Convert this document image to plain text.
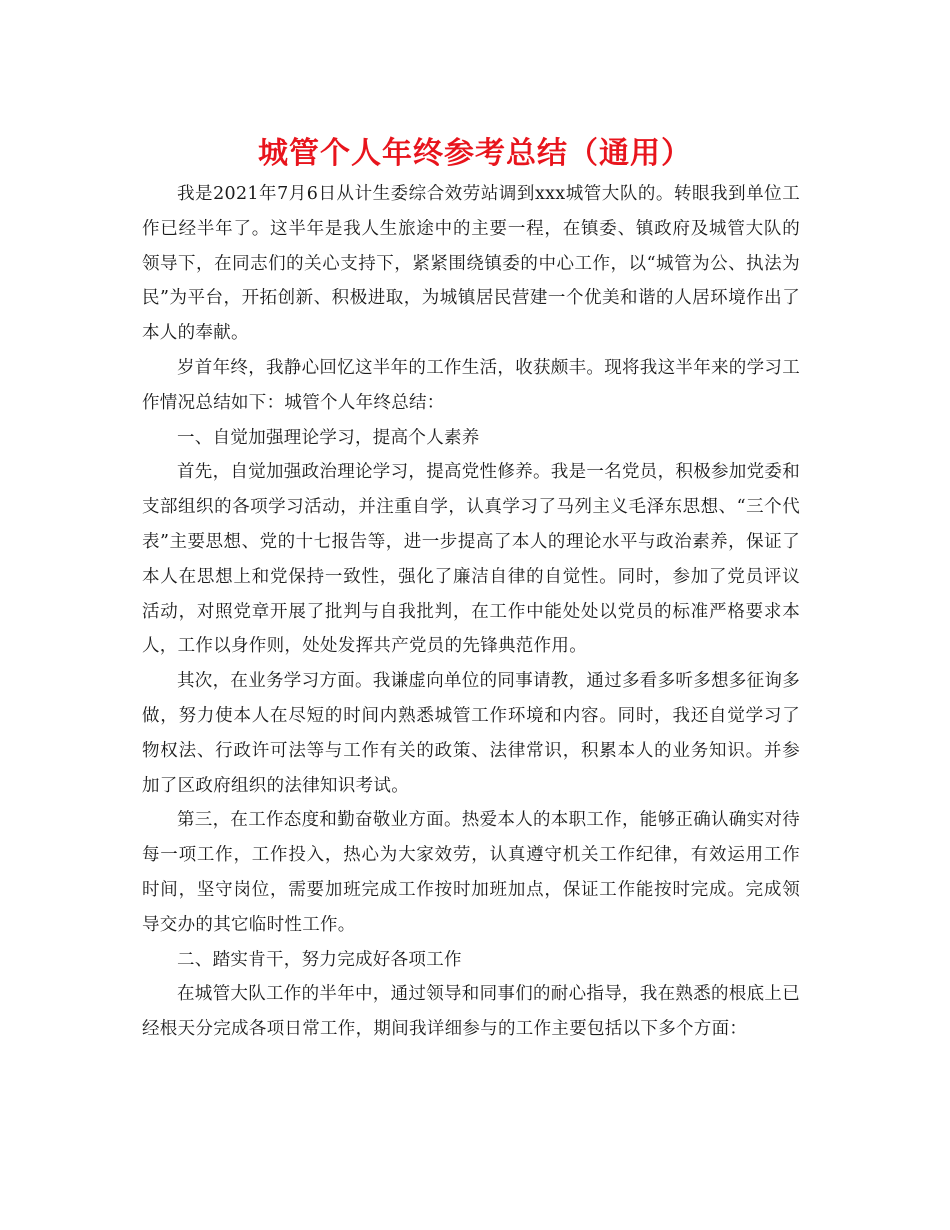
城管个人年终参考总结（通用）

我是2021年7月6日从计生委综合效劳站调到xxx城管大队的。转眼我到单位工作已经半年了。这半年是我人生旅途中的主要一程，在镇委、镇政府及城管大队的领导下，在同志们的关心支持下，紧紧围绕镇委的中心工作，以“城管为公、执法为民”为平台，开拓创新、积极进取，为城镇居民营建一个优美和谐的人居环境作出了本人的奉献。

岁首年终，我静心回忆这半年的工作生活，收获颇丰。现将我这半年来的学习工作情况总结如下：城管个人年终总结：

一、自觉加强理论学习，提高个人素养

首先，自觉加强政治理论学习，提高党性修养。我是一名党员，积极参加党委和支部组织的各项学习活动，并注重自学，认真学习了马列主义毛泽东思想、“三个代表”主要思想、党的十七报告等，进一步提高了本人的理论水平与政治素养，保证了本人在思想上和党保持一致性，强化了廉洁自律的自觉性。同时，参加了党员评议活动，对照党章开展了批判与自我批判，在工作中能处处以党员的标准严格要求本人，工作以身作则，处处发挥共产党员的先锋典范作用。

其次，在业务学习方面。我谦虚向单位的同事请教，通过多看多听多想多征询多做，努力使本人在尽短的时间内熟悉城管工作环境和内容。同时，我还自觉学习了物权法、行政许可法等与工作有关的政策、法律常识，积累本人的业务知识。并参加了区政府组织的法律知识考试。

第三，在工作态度和勤奋敬业方面。热爱本人的本职工作，能够正确认确实对待每一项工作，工作投入，热心为大家效劳，认真遵守机关工作纪律，有效运用工作时间，坚守岗位，需要加班完成工作按时加班加点，保证工作能按时完成。完成领导交办的其它临时性工作。

二、踏实肯干，努力完成好各项工作

在城管大队工作的半年中，通过领导和同事们的耐心指导，我在熟悉的根底上已经根天分完成各项日常工作，期间我详细参与的工作主要包括以下多个方面：
